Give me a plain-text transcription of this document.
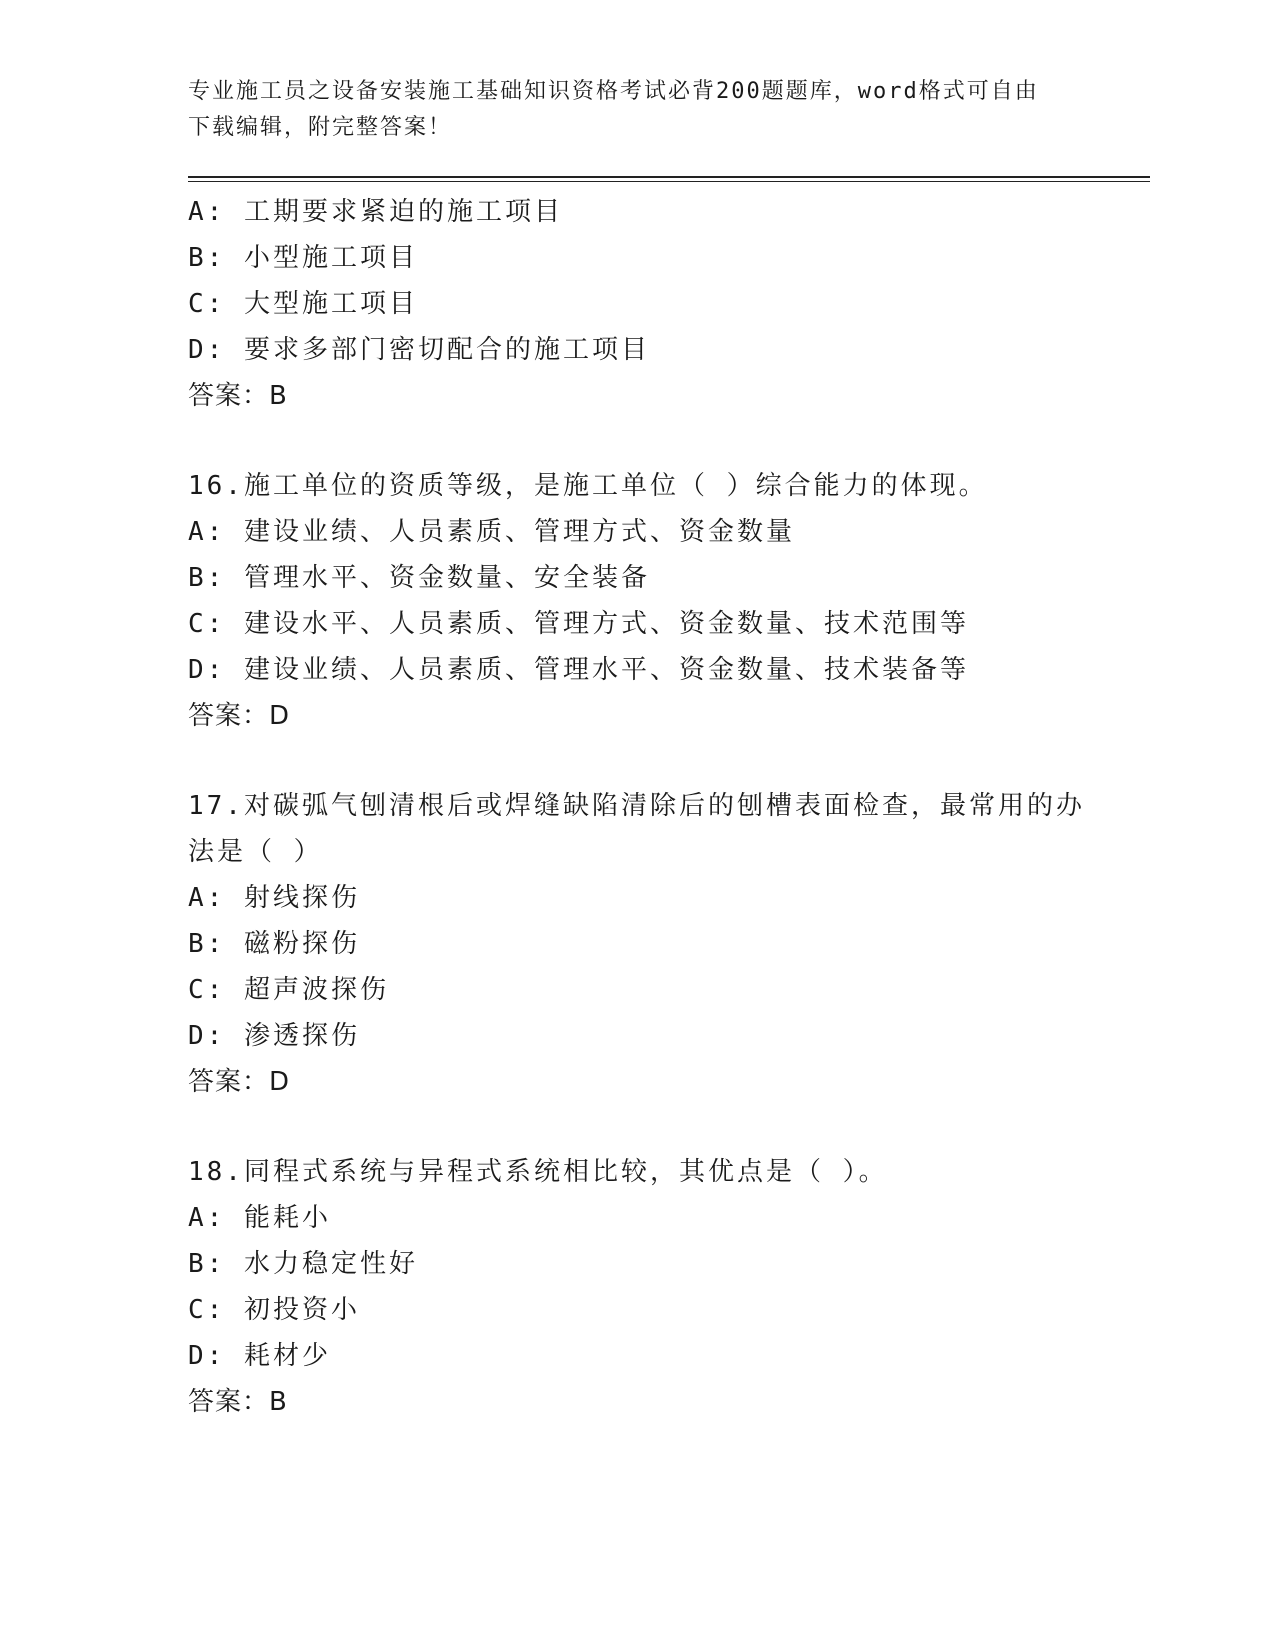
专业施工员之设备安装施工基础知识资格考试必背200题题库，word格式可自由
下载编辑，附完整答案！
A: 工期要求紧迫的施工项目
B: 小型施工项目
C: 大型施工项目
D: 要求多部门密切配合的施工项目
答案：B
16.施工单位的资质等级，是施工单位（ ）综合能力的体现。
A: 建设业绩、人员素质、管理方式、资金数量
B: 管理水平、资金数量、安全装备
C: 建设水平、人员素质、管理方式、资金数量、技术范围等
D: 建设业绩、人员素质、管理水平、资金数量、技术装备等
答案：D
17.对碳弧气刨清根后或焊缝缺陷清除后的刨槽表面检查，最常用的办
法是（ ）
A: 射线探伤
B: 磁粉探伤
C: 超声波探伤
D: 渗透探伤
答案：D
18.同程式系统与异程式系统相比较，其优点是（ ）。
A: 能耗小
B: 水力稳定性好
C: 初投资小
D: 耗材少
答案：B
